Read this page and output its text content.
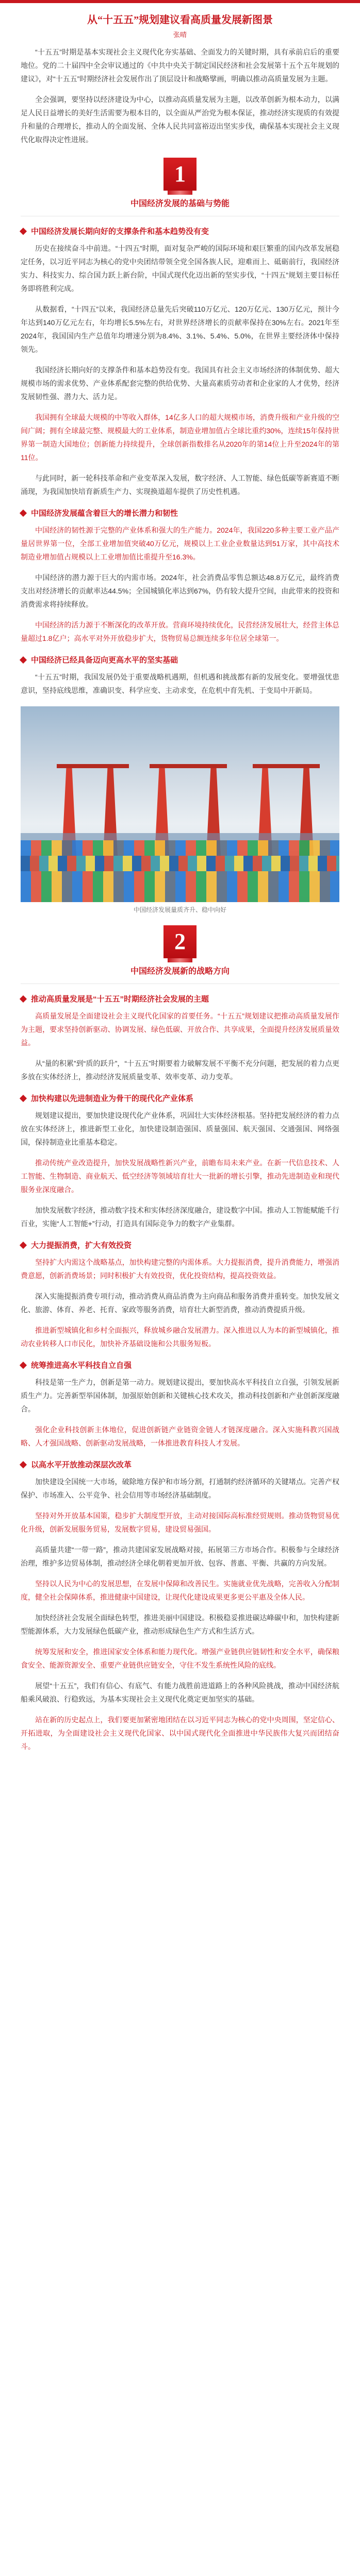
从“十五五”规划建议看高质量发展新图景
张晴

“十五五”时期是基本实现社会主义现代化夯实基础、全面发力的关键时期，具有承前启后的重要地位。党的二十届四中全会审议通过的《中共中央关于制定国民经济和社会发展第十五个五年规划的建议》，对“十五五”时期经济社会发展作出了顶层设计和战略擘画，明确以推动高质量发展为主题。

全会强调，要坚持以经济建设为中心，以推动高质量发展为主题，以改革创新为根本动力，以满足人民日益增长的美好生活需要为根本目的，以全面从严治党为根本保证，推动经济实现质的有效提升和量的合理增长，推动人的全面发展、全体人民共同富裕迈出坚实步伐，确保基本实现社会主义现代化取得决定性进展。

1
中国经济发展的基础与势能
中国经济发展长期向好的支撑条件和基本趋势没有变

历史在接续奋斗中前进。“十四五”时期，面对复杂严峻的国际环境和艰巨繁重的国内改革发展稳定任务，以习近平同志为核心的党中央团结带领全党全国各族人民，迎难而上、砥砺前行，我国经济实力、科技实力、综合国力跃上新台阶，中国式现代化迈出新的坚实步伐，“十四五”规划主要目标任务即将胜利完成。

从数据看，“十四五”以来，我国经济总量先后突破110万亿元、120万亿元、130万亿元，预计今年达到140万亿元左右，年均增长5.5%左右，对世界经济增长的贡献率保持在30%左右。2021年至2024年，我国国内生产总值年均增速分别为8.4%、3.1%、5.4%、5.0%，在世界主要经济体中保持领先。

我国经济长期向好的支撑条件和基本趋势没有变。我国具有社会主义市场经济的体制优势、超大规模市场的需求优势、产业体系配套完整的供给优势、大量高素质劳动者和企业家的人才优势，经济发展韧性强、潜力大、活力足。

我国拥有全球最大规模的中等收入群体，14亿多人口的超大规模市场，消费升级和产业升级的空间广阔；拥有全球最完整、规模最大的工业体系，制造业增加值占全球比重约30%，连续15年保持世界第一制造大国地位；创新能力持续提升，全球创新指数排名从2020年的第14位上升至2024年的第11位。

与此同时，新一轮科技革命和产业变革深入发展，数字经济、人工智能、绿色低碳等新赛道不断涌现，为我国加快培育新质生产力、实现换道超车提供了历史性机遇。

中国经济发展蕴含着巨大的增长潜力和韧性

中国经济的韧性源于完整的产业体系和强大的生产能力。2024年，我国220多种主要工业产品产量居世界第一位，全部工业增加值突破40万亿元，规模以上工业企业数量达到51万家，其中高技术制造业增加值占规模以上工业增加值比重提升至16.3%。

中国经济的潜力源于巨大的内需市场。2024年，社会消费品零售总额达48.8万亿元，最终消费支出对经济增长的贡献率达44.5%；全国城镇化率达到67%，仍有较大提升空间，由此带来的投资和消费需求将持续释放。

中国经济的活力源于不断深化的改革开放。营商环境持续优化，民营经济发展壮大，经营主体总量超过1.8亿户；高水平对外开放稳步扩大，货物贸易总额连续多年位居全球第一。

中国经济已经具备迈向更高水平的坚实基础

“十五五”时期，我国发展仍处于重要战略机遇期，但机遇和挑战都有新的发展变化。要增强忧患意识，坚持底线思维，准确识变、科学应变、主动求变，在危机中育先机、于变局中开新局。

中国经济发展量质齐升、稳中向好
2
中国经济发展新的战略方向
推动高质量发展是“十五五”时期经济社会发展的主题

高质量发展是全面建设社会主义现代化国家的首要任务。“十五五”规划建议把推动高质量发展作为主题，要求坚持创新驱动、协调发展、绿色低碳、开放合作、共享成果，全面提升经济发展质量效益。

从“量的积累”到“质的跃升”，“十五五”时期要着力破解发展不平衡不充分问题，把发展的着力点更多放在实体经济上，推动经济发展质量变革、效率变革、动力变革。

加快构建以先进制造业为骨干的现代化产业体系

规划建议提出，要加快建设现代化产业体系，巩固壮大实体经济根基。坚持把发展经济的着力点放在实体经济上，推进新型工业化，加快建设制造强国、质量强国、航天强国、交通强国、网络强国，保持制造业比重基本稳定。

推动传统产业改造提升，加快发展战略性新兴产业，前瞻布局未来产业。在新一代信息技术、人工智能、生物制造、商业航天、低空经济等领域培育壮大一批新的增长引擎，推动先进制造业和现代服务业深度融合。

加快发展数字经济，推动数字技术和实体经济深度融合，建设数字中国。推动人工智能赋能千行百业，实施“人工智能+”行动，打造具有国际竞争力的数字产业集群。

大力提振消费，扩大有效投资

坚持扩大内需这个战略基点，加快构建完整的内需体系。大力提振消费，提升消费能力，增强消费意愿，创新消费场景；同时积极扩大有效投资，优化投资结构，提高投资效益。

深入实施提振消费专项行动，推动消费从商品消费为主向商品和服务消费并重转变。加快发展文化、旅游、体育、养老、托育、家政等服务消费，培育壮大新型消费，推动消费提质升级。

推进新型城镇化和乡村全面振兴，释放城乡融合发展潜力。深入推进以人为本的新型城镇化，推动农业转移人口市民化，加快补齐基础设施和公共服务短板。

统筹推进高水平科技自立自强

科技是第一生产力，创新是第一动力。规划建议提出，要加快高水平科技自立自强，引领发展新质生产力。完善新型举国体制，加强原始创新和关键核心技术攻关，推动科技创新和产业创新深度融合。

强化企业科技创新主体地位，促进创新链产业链资金链人才链深度融合。深入实施科教兴国战略、人才强国战略、创新驱动发展战略，一体推进教育科技人才发展。

以高水平开放推动深层次改革

加快建设全国统一大市场，破除地方保护和市场分割，打通制约经济循环的关键堵点。完善产权保护、市场准入、公平竞争、社会信用等市场经济基础制度。

坚持对外开放基本国策，稳步扩大制度型开放，主动对接国际高标准经贸规则。推动货物贸易优化升级，创新发展服务贸易，发展数字贸易，建设贸易强国。

高质量共建“一带一路”，推动共建国家发展战略对接，拓展第三方市场合作。积极参与全球经济治理，维护多边贸易体制，推动经济全球化朝着更加开放、包容、普惠、平衡、共赢的方向发展。

坚持以人民为中心的发展思想，在发展中保障和改善民生。实施就业优先战略，完善收入分配制度，健全社会保障体系，推进健康中国建设，让现代化建设成果更多更公平惠及全体人民。

加快经济社会发展全面绿色转型，推进美丽中国建设。积极稳妥推进碳达峰碳中和，加快构建新型能源体系，大力发展绿色低碳产业，推动形成绿色生产方式和生活方式。

统筹发展和安全，推进国家安全体系和能力现代化。增强产业链供应链韧性和安全水平，确保粮食安全、能源资源安全、重要产业链供应链安全，守住不发生系统性风险的底线。

展望“十五五”，我们有信心、有底气、有能力战胜前进道路上的各种风险挑战，推动中国经济航船乘风破浪、行稳致远，为基本实现社会主义现代化奠定更加坚实的基础。

站在新的历史起点上，我们要更加紧密地团结在以习近平同志为核心的党中央周围，坚定信心、开拓进取，为全面建设社会主义现代化国家、以中国式现代化全面推进中华民族伟大复兴而团结奋斗。
